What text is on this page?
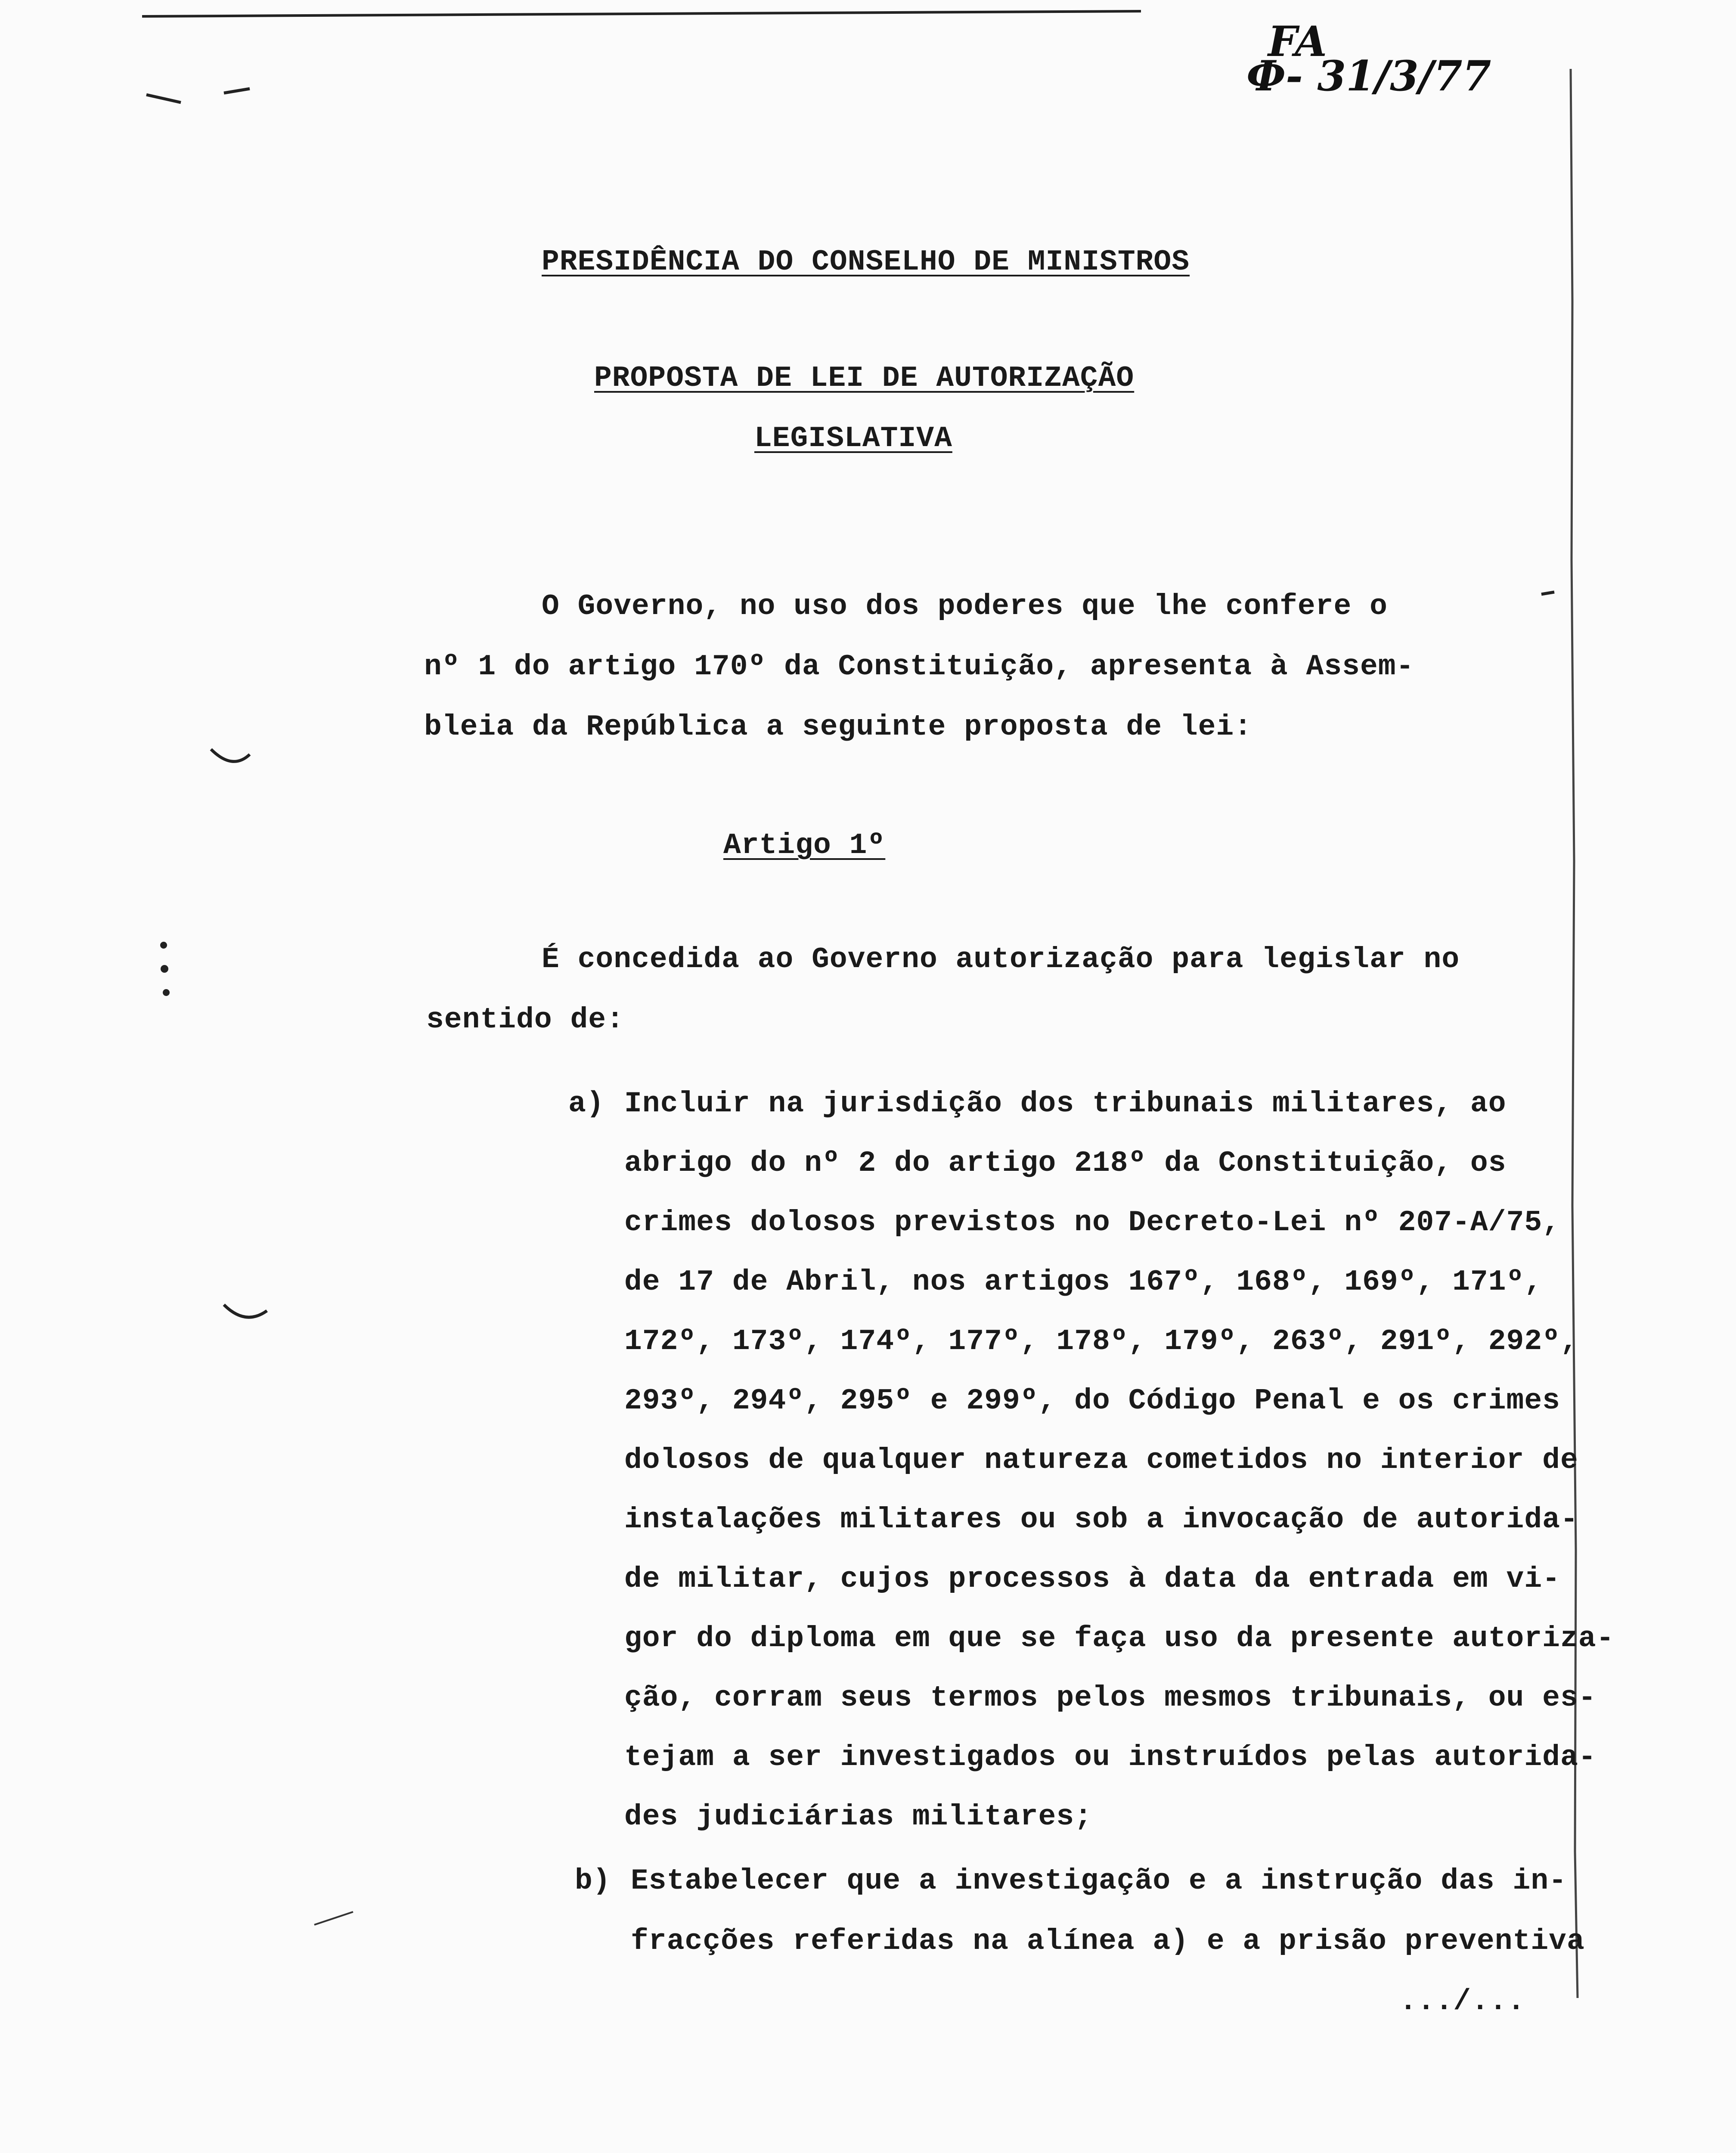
FA
Ф- 31/3/77
PRESIDÊNCIA DO CONSELHO DE MINISTROS
PROPOSTA DE LEI DE AUTORIZAÇÃO
LEGISLATIVA
O Governo, no uso dos poderes que lhe confere o
nº 1 do artigo 170º da Constituição, apresenta à Assem-
bleia da República a seguinte proposta de lei:
Artigo 1º
É concedida ao Governo autorização para legislar no
sentido de:
a) Incluir na jurisdição dos tribunais militares, ao
abrigo do nº 2 do artigo 218º da Constituição, os
crimes dolosos previstos no Decreto-Lei nº 207-A/75,
de 17 de Abril, nos artigos 167º, 168º, 169º, 171º,
172º, 173º, 174º, 177º, 178º, 179º, 263º, 291º, 292º,
293º, 294º, 295º e 299º, do Código Penal e os crimes
dolosos de qualquer natureza cometidos no interior de
instalações militares ou sob a invocação de autorida-
de militar, cujos processos à data da entrada em vi-
gor do diploma em que se faça uso da presente autoriza-
ção, corram seus termos pelos mesmos tribunais, ou es-
tejam a ser investigados ou instruídos pelas autorida-
des judiciárias militares;
b) Estabelecer que a investigação e a instrução das in-
fracções referidas na alínea a) e a prisão preventiva
.../...
